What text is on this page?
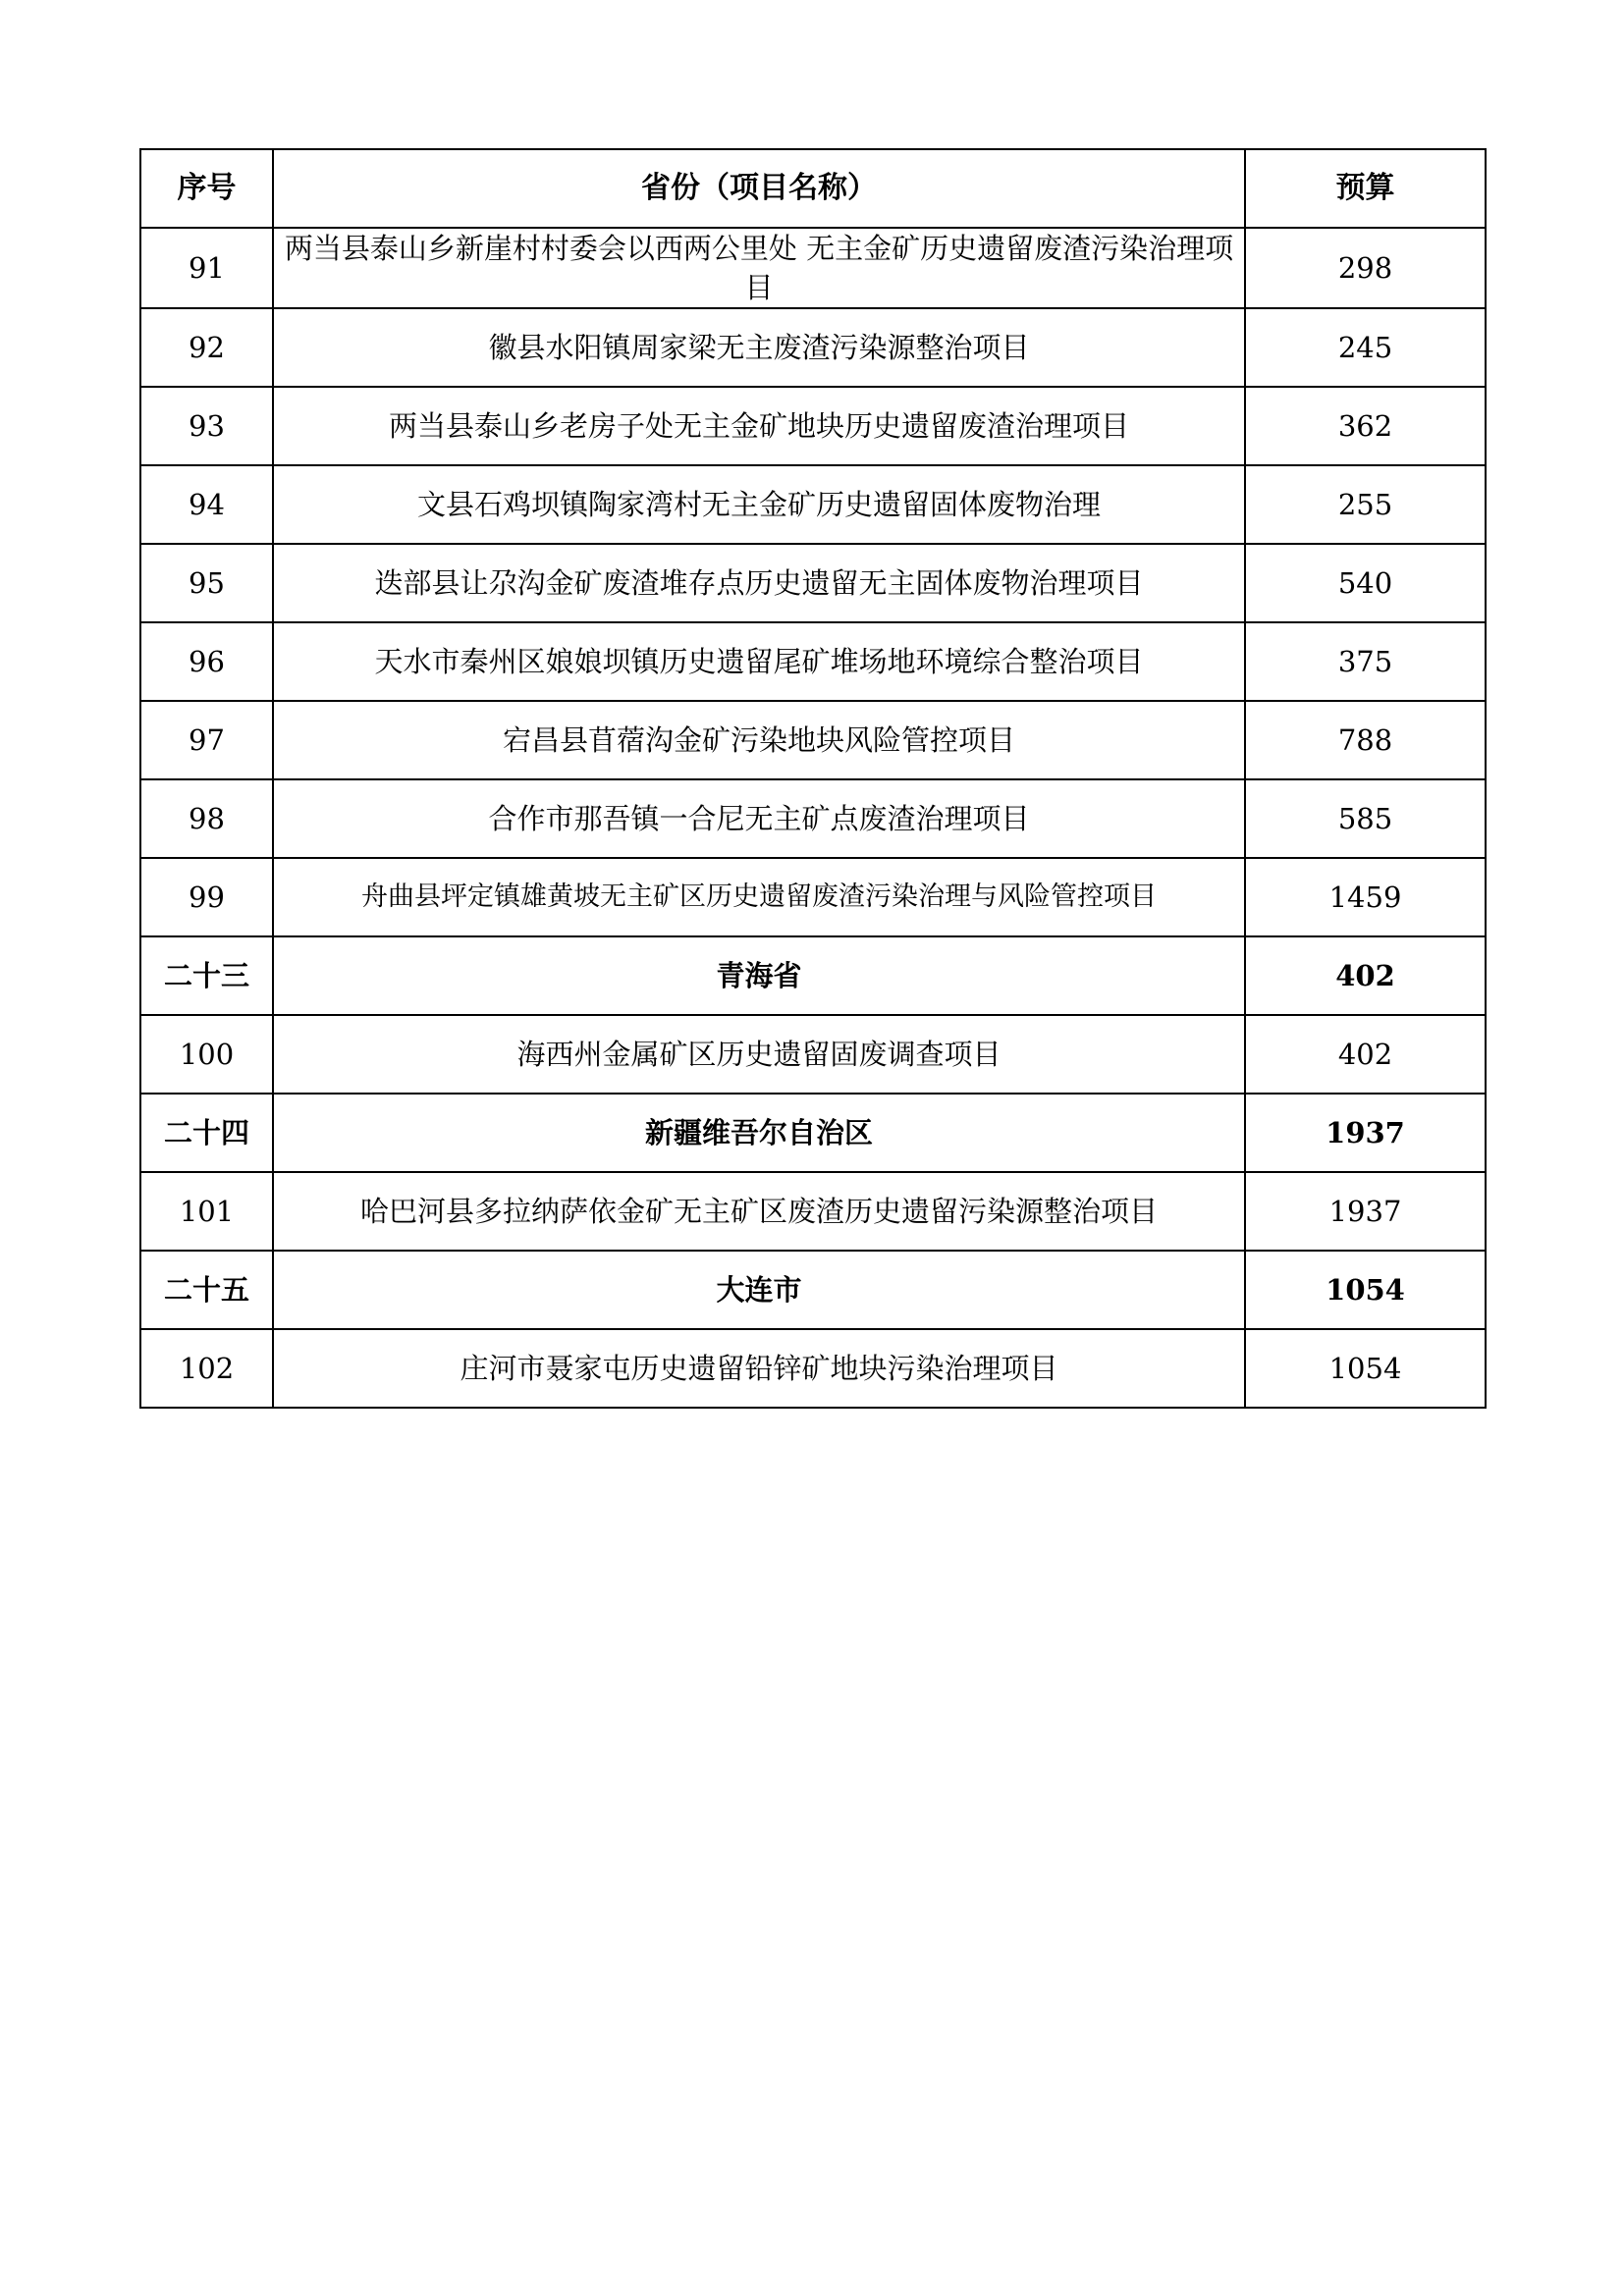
序号	省份（项目名称）	预算
91	两当县泰山乡新崖村村委会以西两公里处 无主金矿历史遗留废渣污染治理项目	298
92	徽县水阳镇周家梁无主废渣污染源整治项目	245
93	两当县泰山乡老房子处无主金矿地块历史遗留废渣治理项目	362
94	文县石鸡坝镇陶家湾村无主金矿历史遗留固体废物治理	255
95	迭部县让尕沟金矿废渣堆存点历史遗留无主固体废物治理项目	540
96	天水市秦州区娘娘坝镇历史遗留尾矿堆场地环境综合整治项目	375
97	宕昌县苜蓿沟金矿污染地块风险管控项目	788
98	合作市那吾镇一合尼无主矿点废渣治理项目	585
99	舟曲县坪定镇雄黄坡无主矿区历史遗留废渣污染治理与风险管控项目	1459
二十三	青海省	402
100	海西州金属矿区历史遗留固废调查项目	402
二十四	新疆维吾尔自治区	1937
101	哈巴河县多拉纳萨依金矿无主矿区废渣历史遗留污染源整治项目	1937
二十五	大连市	1054
102	庄河市聂家屯历史遗留铅锌矿地块污染治理项目	1054
